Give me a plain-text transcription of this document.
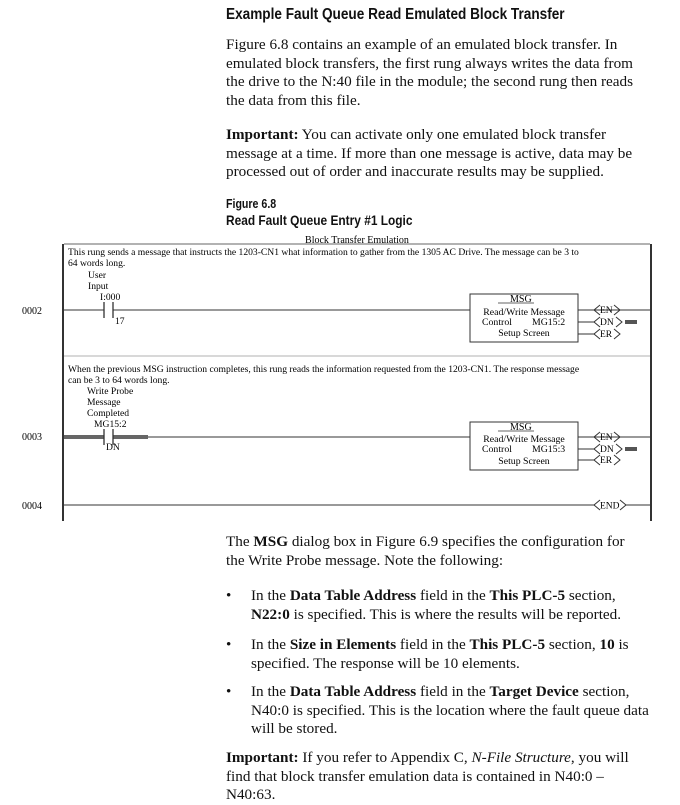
Example Fault Queue Read Emulated Block Transfer
Figure 6.8 contains an example of an emulated block transfer. In emulated block transfers, the first rung always writes the data from the drive to the N:40 file in the module; the second rung then reads the data from this file.
Important: You can activate only one emulated block transfer message at a time. If more than one message is active, data may be processed out of order and inaccurate results may be supplied.
Figure 6.8
Read Fault Queue Entry #1 Logic
Block Transfer Emulation
0002
This rung sends a message that instructs the 1203-CN1 what information to gather from the 1305 AC Drive. The message can be 3 to
64 words long.
User
Input
I:000
17
MSG
Read/Write Message
Control MG15:2
Setup Screen
EN
DN
ER
0003
When the previous MSG instruction completes, this rung reads the information requested from the 1203-CN1. The response message
can be 3 to 64 words long.
Write Probe
Message
Completed
MG15:2
DN
MSG
Read/Write Message
Control MG15:3
Setup Screen
EN
DN
ER
0004	END
The MSG dialog box in Figure 6.9 specifies the configuration for the Write Probe message. Note the following:
• In the Data Table Address field in the This PLC-5 section, N22:0 is specified. This is where the results will be reported.
• In the Size in Elements field in the This PLC-5 section, 10 is specified. The response will be 10 elements.
• In the Data Table Address field in the Target Device section, N40:0 is specified. This is the location where the fault queue data will be stored.
Important: If you refer to Appendix C, N-File Structure, you will find that block transfer emulation data is contained in N40:0 – N40:63.
